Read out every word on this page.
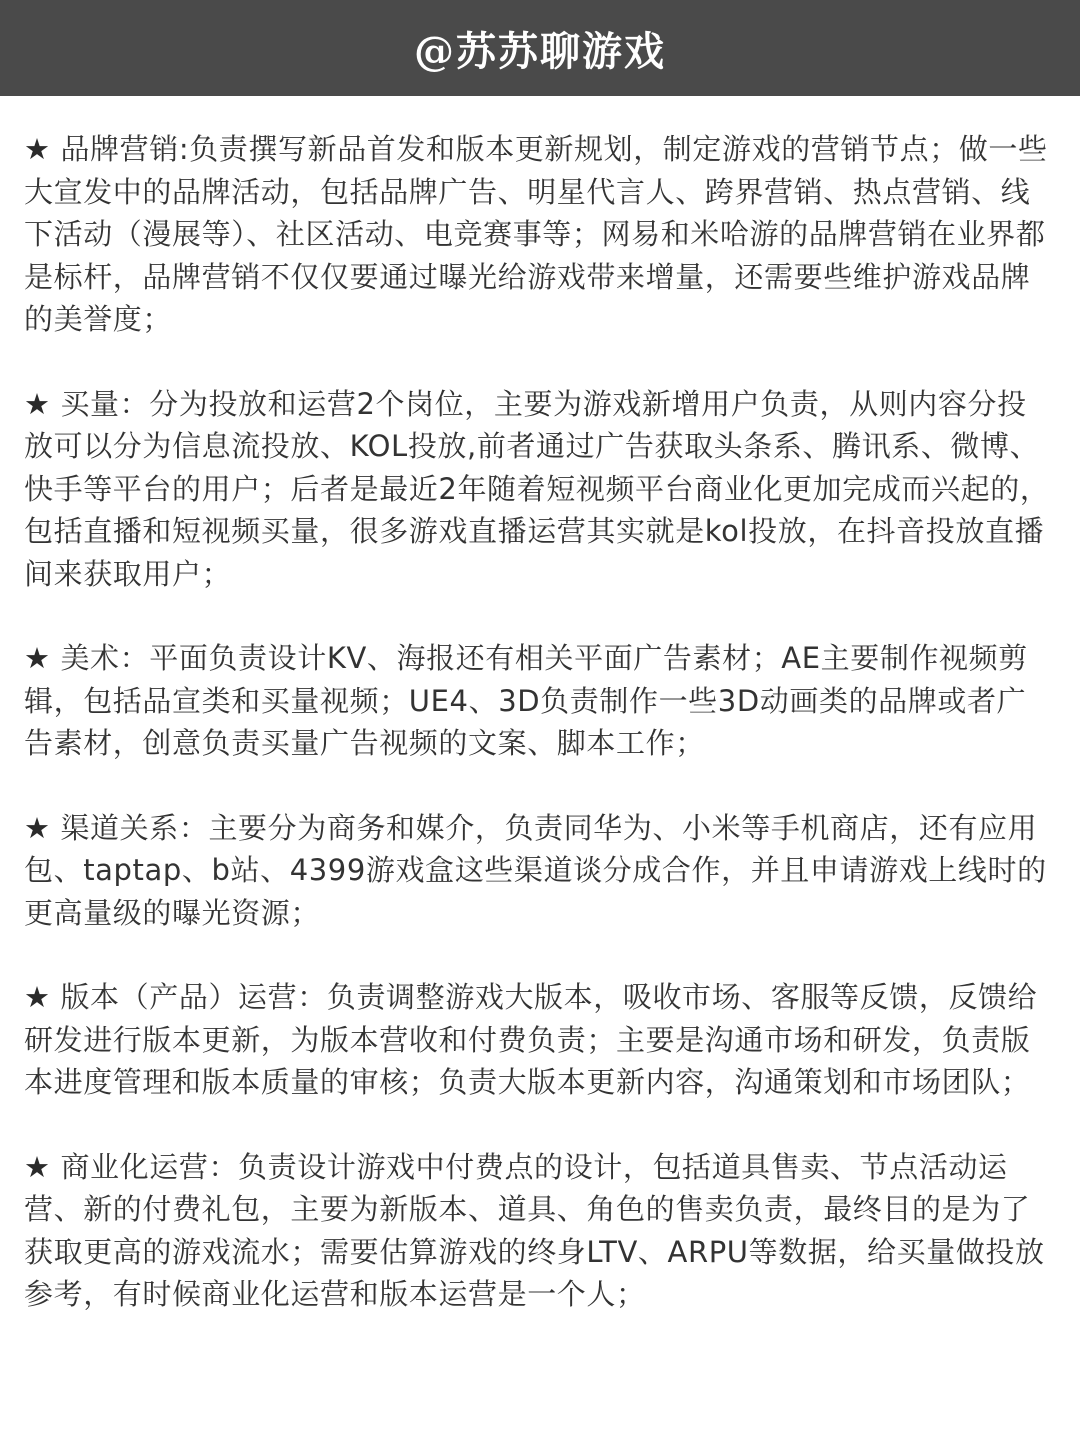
@苏苏聊游戏

★ 品牌营销:负责撰写新品首发和版本更新规划，制定游戏的营销节点；做一些大宣发中的品牌活动，包括品牌广告、明星代言人、跨界营销、热点营销、线下活动（漫展等）、社区活动、电竞赛事等；网易和米哈游的品牌营销在业界都是标杆，品牌营销不仅仅要通过曝光给游戏带来增量，还需要些维护游戏品牌的美誉度；

★ 买量：分为投放和运营2个岗位，主要为游戏新增用户负责，从则内容分投放可以分为信息流投放、KOL投放,前者通过广告获取头条系、腾讯系、微博、快手等平台的用户；后者是最近2年随着短视频平台商业化更加完成而兴起的，包括直播和短视频买量，很多游戏直播运营其实就是kol投放，在抖音投放直播间来获取用户；

★ 美术：平面负责设计KV、海报还有相关平面广告素材；AE主要制作视频剪辑，包括品宣类和买量视频；UE4、3D负责制作一些3D动画类的品牌或者广告素材，创意负责买量广告视频的文案、脚本工作；

★ 渠道关系：主要分为商务和媒介，负责同华为、小米等手机商店，还有应用包、taptap、b站、4399游戏盒这些渠道谈分成合作，并且申请游戏上线时的更高量级的曝光资源；

★ 版本（产品）运营：负责调整游戏大版本，吸收市场、客服等反馈，反馈给研发进行版本更新，为版本营收和付费负责；主要是沟通市场和研发，负责版本进度管理和版本质量的审核；负责大版本更新内容，沟通策划和市场团队；

★ 商业化运营：负责设计游戏中付费点的设计，包括道具售卖、节点活动运营、新的付费礼包，主要为新版本、道具、角色的售卖负责，最终目的是为了获取更高的游戏流水；需要估算游戏的终身LTV、ARPU等数据，给买量做投放参考，有时候商业化运营和版本运营是一个人；
